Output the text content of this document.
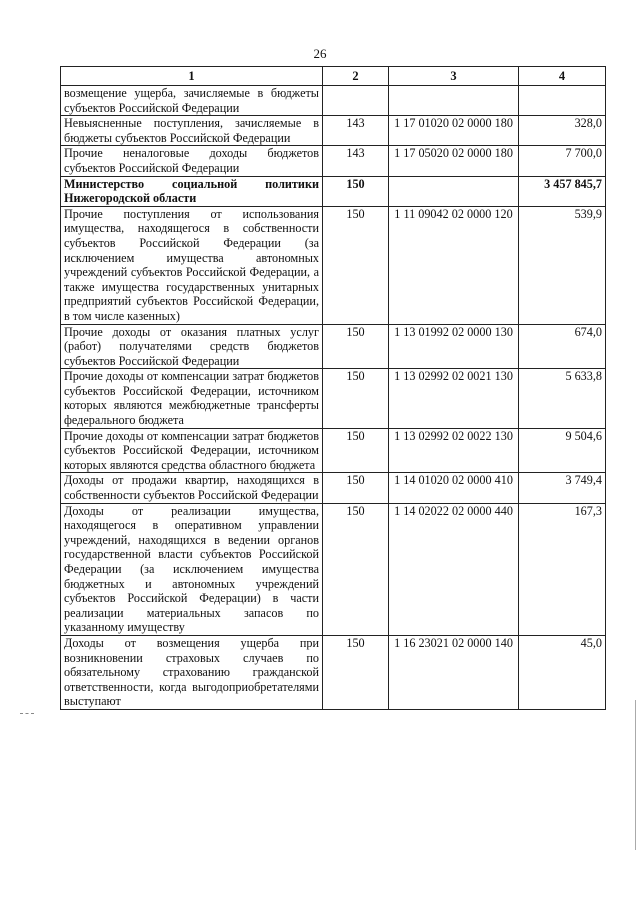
26
1	2	3	4
возмещение ущерба, зачисляемые в бюджеты субъектов Российской Федерации			
Невыясненные поступления, зачисляемые в бюджеты субъектов Российской Федерации	143	1 17 01020 02 0000 180	328,0
Прочие неналоговые доходы бюджетов субъектов Российской Федерации	143	1 17 05020 02 0000 180	7 700,0
Министерство социальной политики Нижегородской области	150		3 457 845,7
Прочие поступления от использования имущества, находящегося в собственности субъектов Российской Федерации (за исключением имущества автономных учреждений субъектов Российской Федерации, а также имущества государственных унитарных предприятий субъектов Российской Федерации, в том числе казенных)	150	1 11 09042 02 0000 120	539,9
Прочие доходы от оказания платных услуг (работ) получателями средств бюджетов субъектов Российской Федерации	150	1 13 01992 02 0000 130	674,0
Прочие доходы от компенсации затрат бюджетов субъектов Российской Федерации, источником которых являются межбюджетные трансферты федерального бюджета	150	1 13 02992 02 0021 130	5 633,8
Прочие доходы от компенсации затрат бюджетов субъектов Российской Федерации, источником которых являются средства областного бюджета	150	1 13 02992 02 0022 130	9 504,6
Доходы от продажи квартир, находящихся в собственности субъектов Российской Федерации	150	1 14 01020 02 0000 410	3 749,4
Доходы от реализации имущества, находящегося в оперативном управлении учреждений, находящихся в ведении органов государственной власти субъектов Российской Федерации (за исключением имущества бюджетных и автономных учреждений субъектов Российской Федерации) в части реализации материальных запасов по указанному имуществу	150	1 14 02022 02 0000 440	167,3
Доходы от возмещения ущерба при возникновении страховых случаев по обязательному страхованию гражданской ответственности, когда выгодоприобретателями выступают	150	1 16 23021 02 0000 140	45,0
